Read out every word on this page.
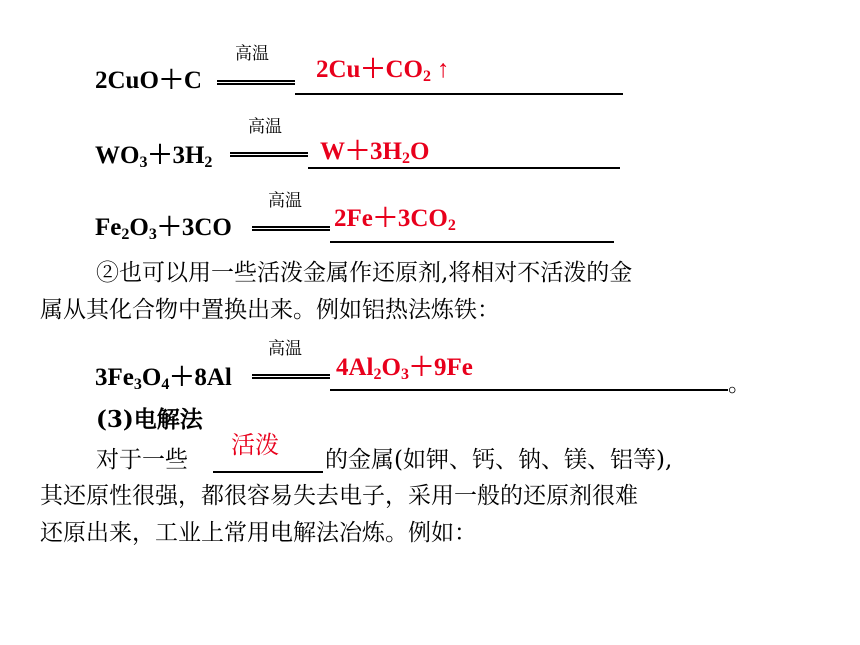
高温
2CuO＋C	$2Cu+CO_2$ ↑
高温
$WO_3+3H_2$	$W+3H_2O$
高温
$Fe_2O_3+3CO$	$2Fe+3CO_2$
②也可以用一些活泼金属作还原剂,将相对不活泼的金
属从其化合物中置换出来。例如铝热法炼铁：
高温
$3Fe_3O_4+8Al$	$4Al_2O_3+9Fe$
。
(3)电解法
对于一些
活泼
的金属(如钾、钙、钠、镁、铝等),
其还原性很强，都很容易失去电子，采用一般的还原剂很难
还原出来，工业上常用电解法冶炼。例如：
